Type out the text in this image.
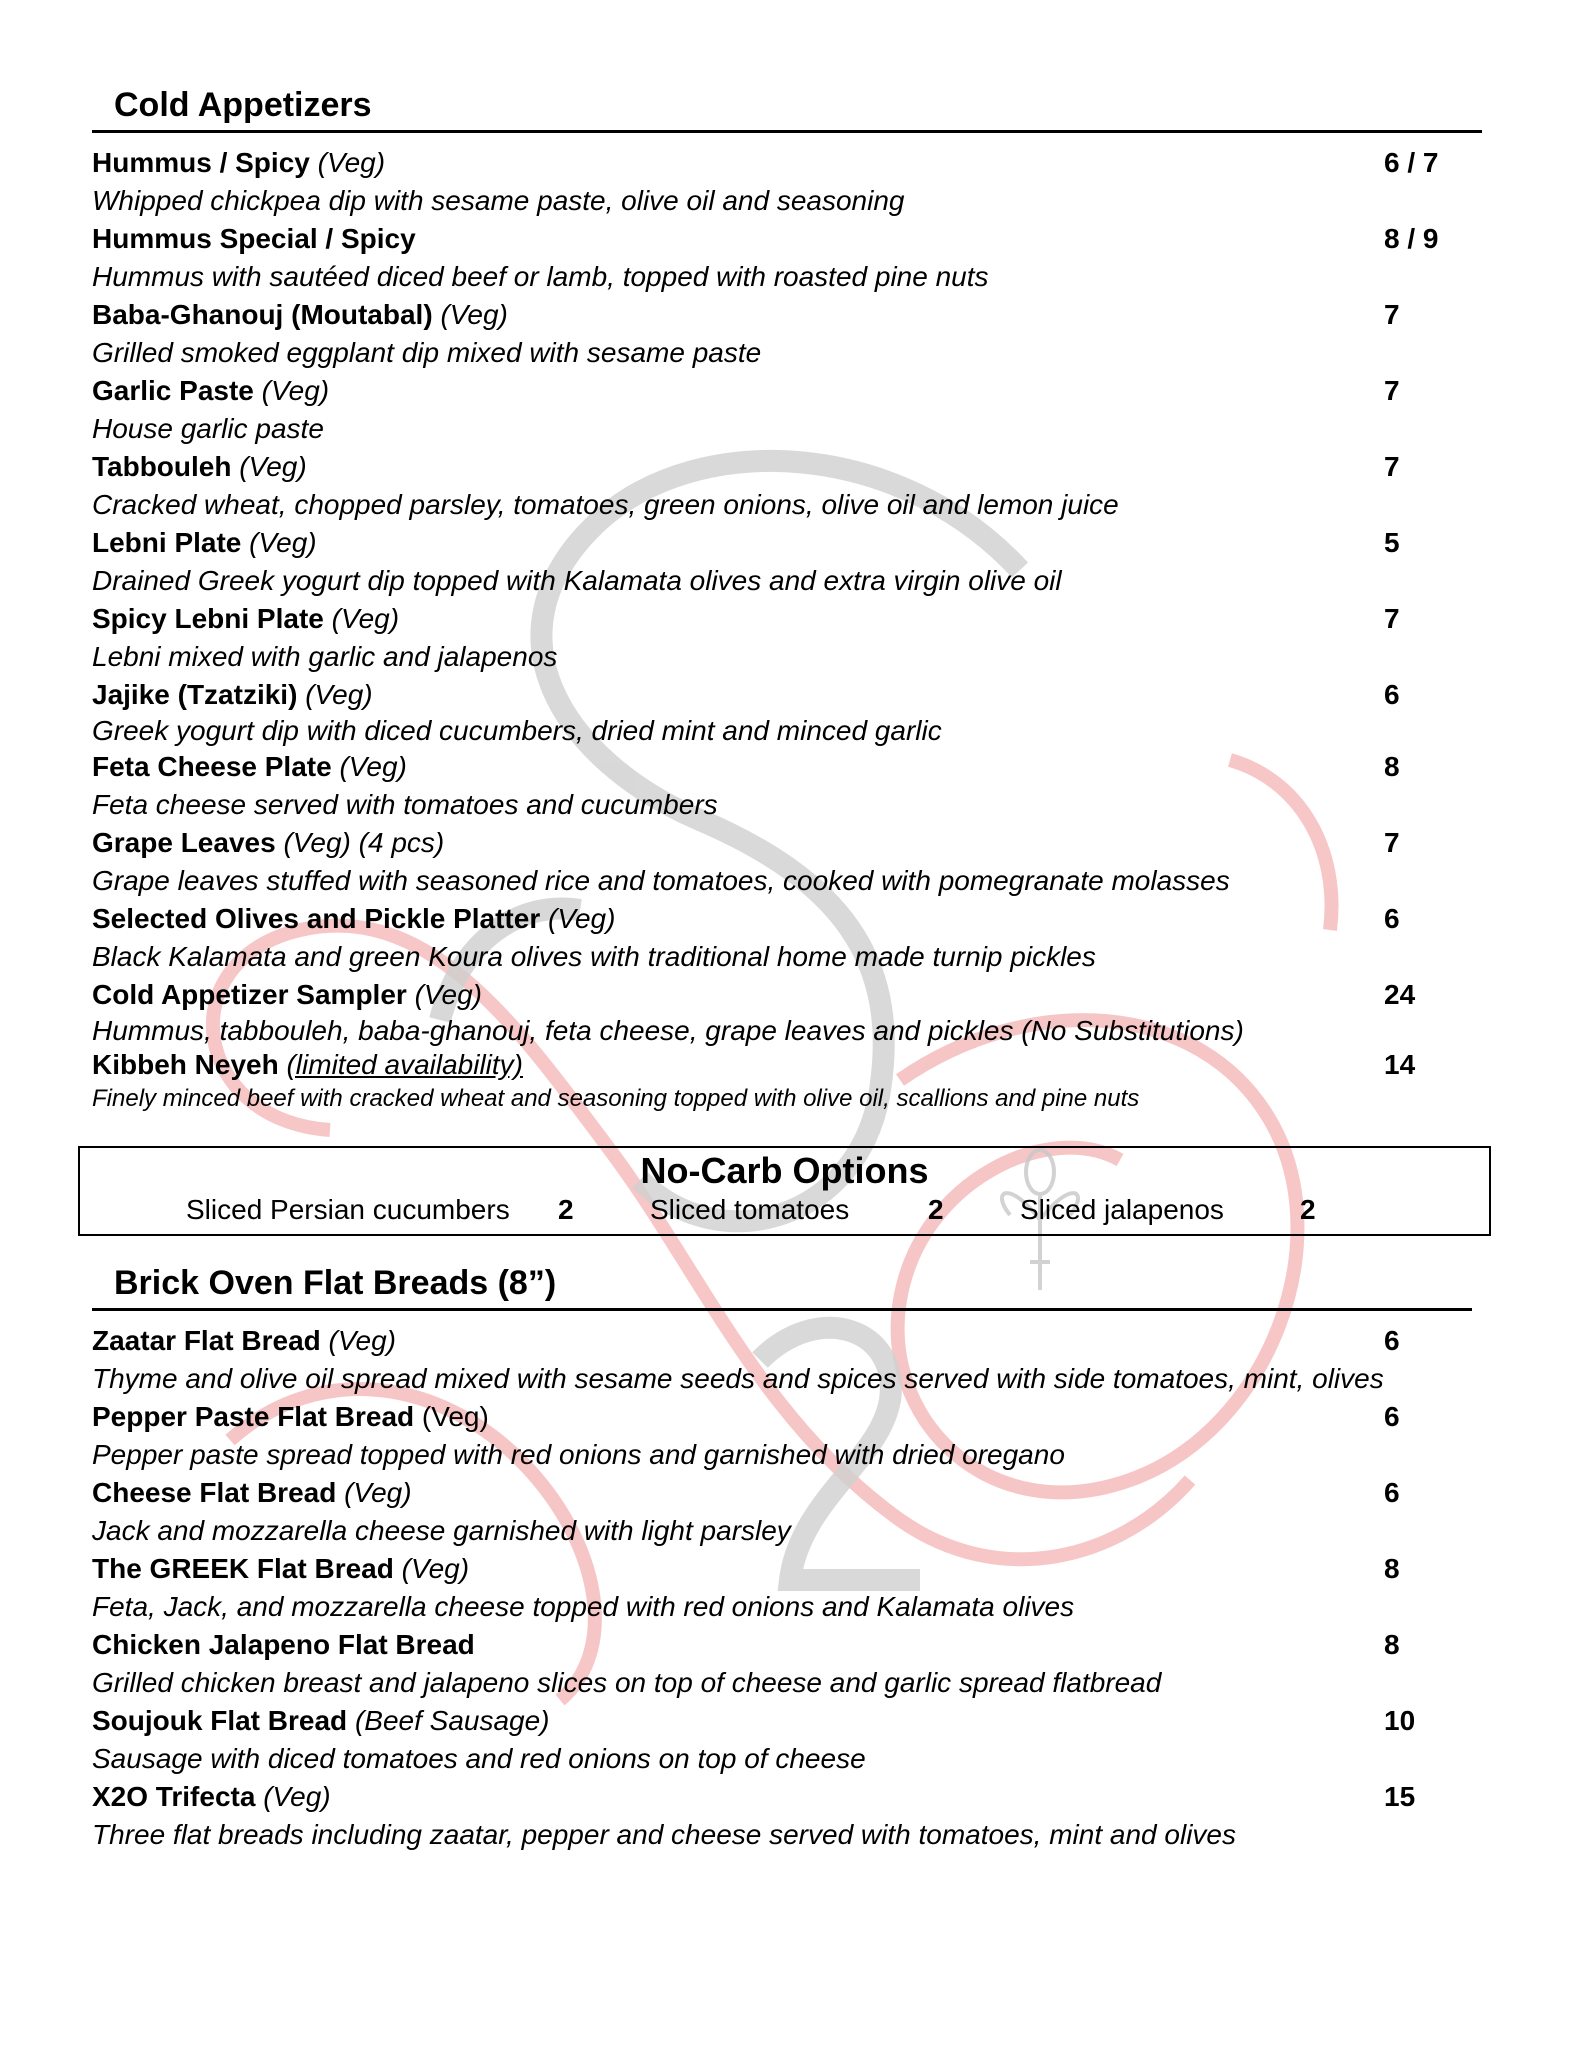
Cold Appetizers
Hummus / Spicy (Veg)	6 / 7
Whipped chickpea dip with sesame paste, olive oil and seasoning
Hummus Special / Spicy	8 / 9
Hummus with sautéed diced beef or lamb, topped with roasted pine nuts
Baba-Ghanouj (Moutabal) (Veg)	7
Grilled smoked eggplant dip mixed with sesame paste
Garlic Paste (Veg)	7
House garlic paste
Tabbouleh (Veg)	7
Cracked wheat, chopped parsley, tomatoes, green onions, olive oil and lemon juice
Lebni Plate (Veg)	5
Drained Greek yogurt dip topped with Kalamata olives and extra virgin olive oil
Spicy Lebni Plate (Veg)	7
Lebni mixed with garlic and jalapenos
Jajike (Tzatziki) (Veg)	6
Greek yogurt dip with diced cucumbers, dried mint and minced garlic
Feta Cheese Plate (Veg)	8
Feta cheese served with tomatoes and cucumbers
Grape Leaves (Veg) (4 pcs)	7
Grape leaves stuffed with seasoned rice and tomatoes, cooked with pomegranate molasses
Selected Olives and Pickle Platter (Veg)	6
Black Kalamata and green Koura olives with traditional home made turnip pickles
Cold Appetizer Sampler (Veg)	24
Hummus, tabbouleh, baba-ghanouj, feta cheese, grape leaves and pickles (No Substitutions)
Kibbeh Neyeh (limited availability)	14
Finely minced beef with cracked wheat and seasoning topped with olive oil, scallions and pine nuts
No-Carb Options
Sliced Persian cucumbers 2	Sliced tomatoes	2	Sliced jalapenos	2
Brick Oven Flat Breads (8”)
Zaatar Flat Bread (Veg)	6
Thyme and olive oil spread mixed with sesame seeds and spices served with side tomatoes, mint, olives
Pepper Paste Flat Bread (Veg)	6
Pepper paste spread topped with red onions and garnished with dried oregano
Cheese Flat Bread (Veg)	6
Jack and mozzarella cheese garnished with light parsley
The GREEK Flat Bread (Veg)	8
Feta, Jack, and mozzarella cheese topped with red onions and Kalamata olives
Chicken Jalapeno Flat Bread	8
Grilled chicken breast and jalapeno slices on top of cheese and garlic spread flatbread
Soujouk Flat Bread (Beef Sausage)	10
Sausage with diced tomatoes and red onions on top of cheese
X2O Trifecta (Veg)	15
Three flat breads including zaatar, pepper and cheese served with tomatoes, mint and olives
